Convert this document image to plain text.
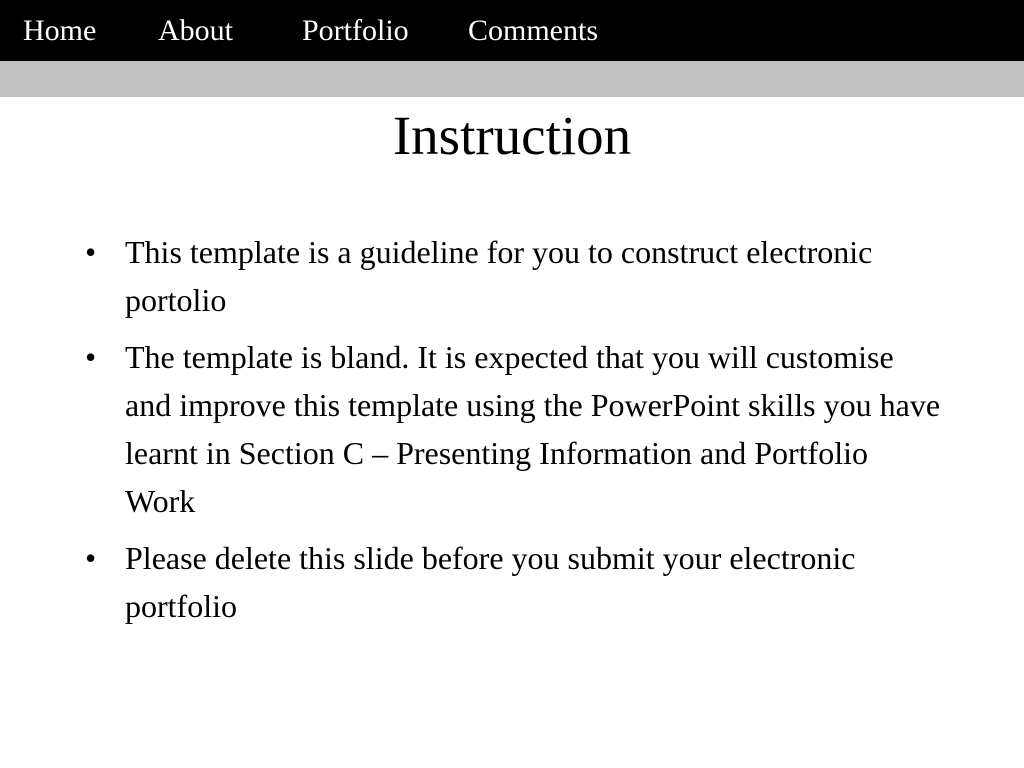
Home About Portfolio Comments
Instruction
• This template is a guideline for you to construct electronic portolio
• The template is bland. It is expected that you will customise and improve this template using the PowerPoint skills you have learnt in Section C – Presenting Information and Portfolio Work
• Please delete this slide before you submit your electronic portfolio
